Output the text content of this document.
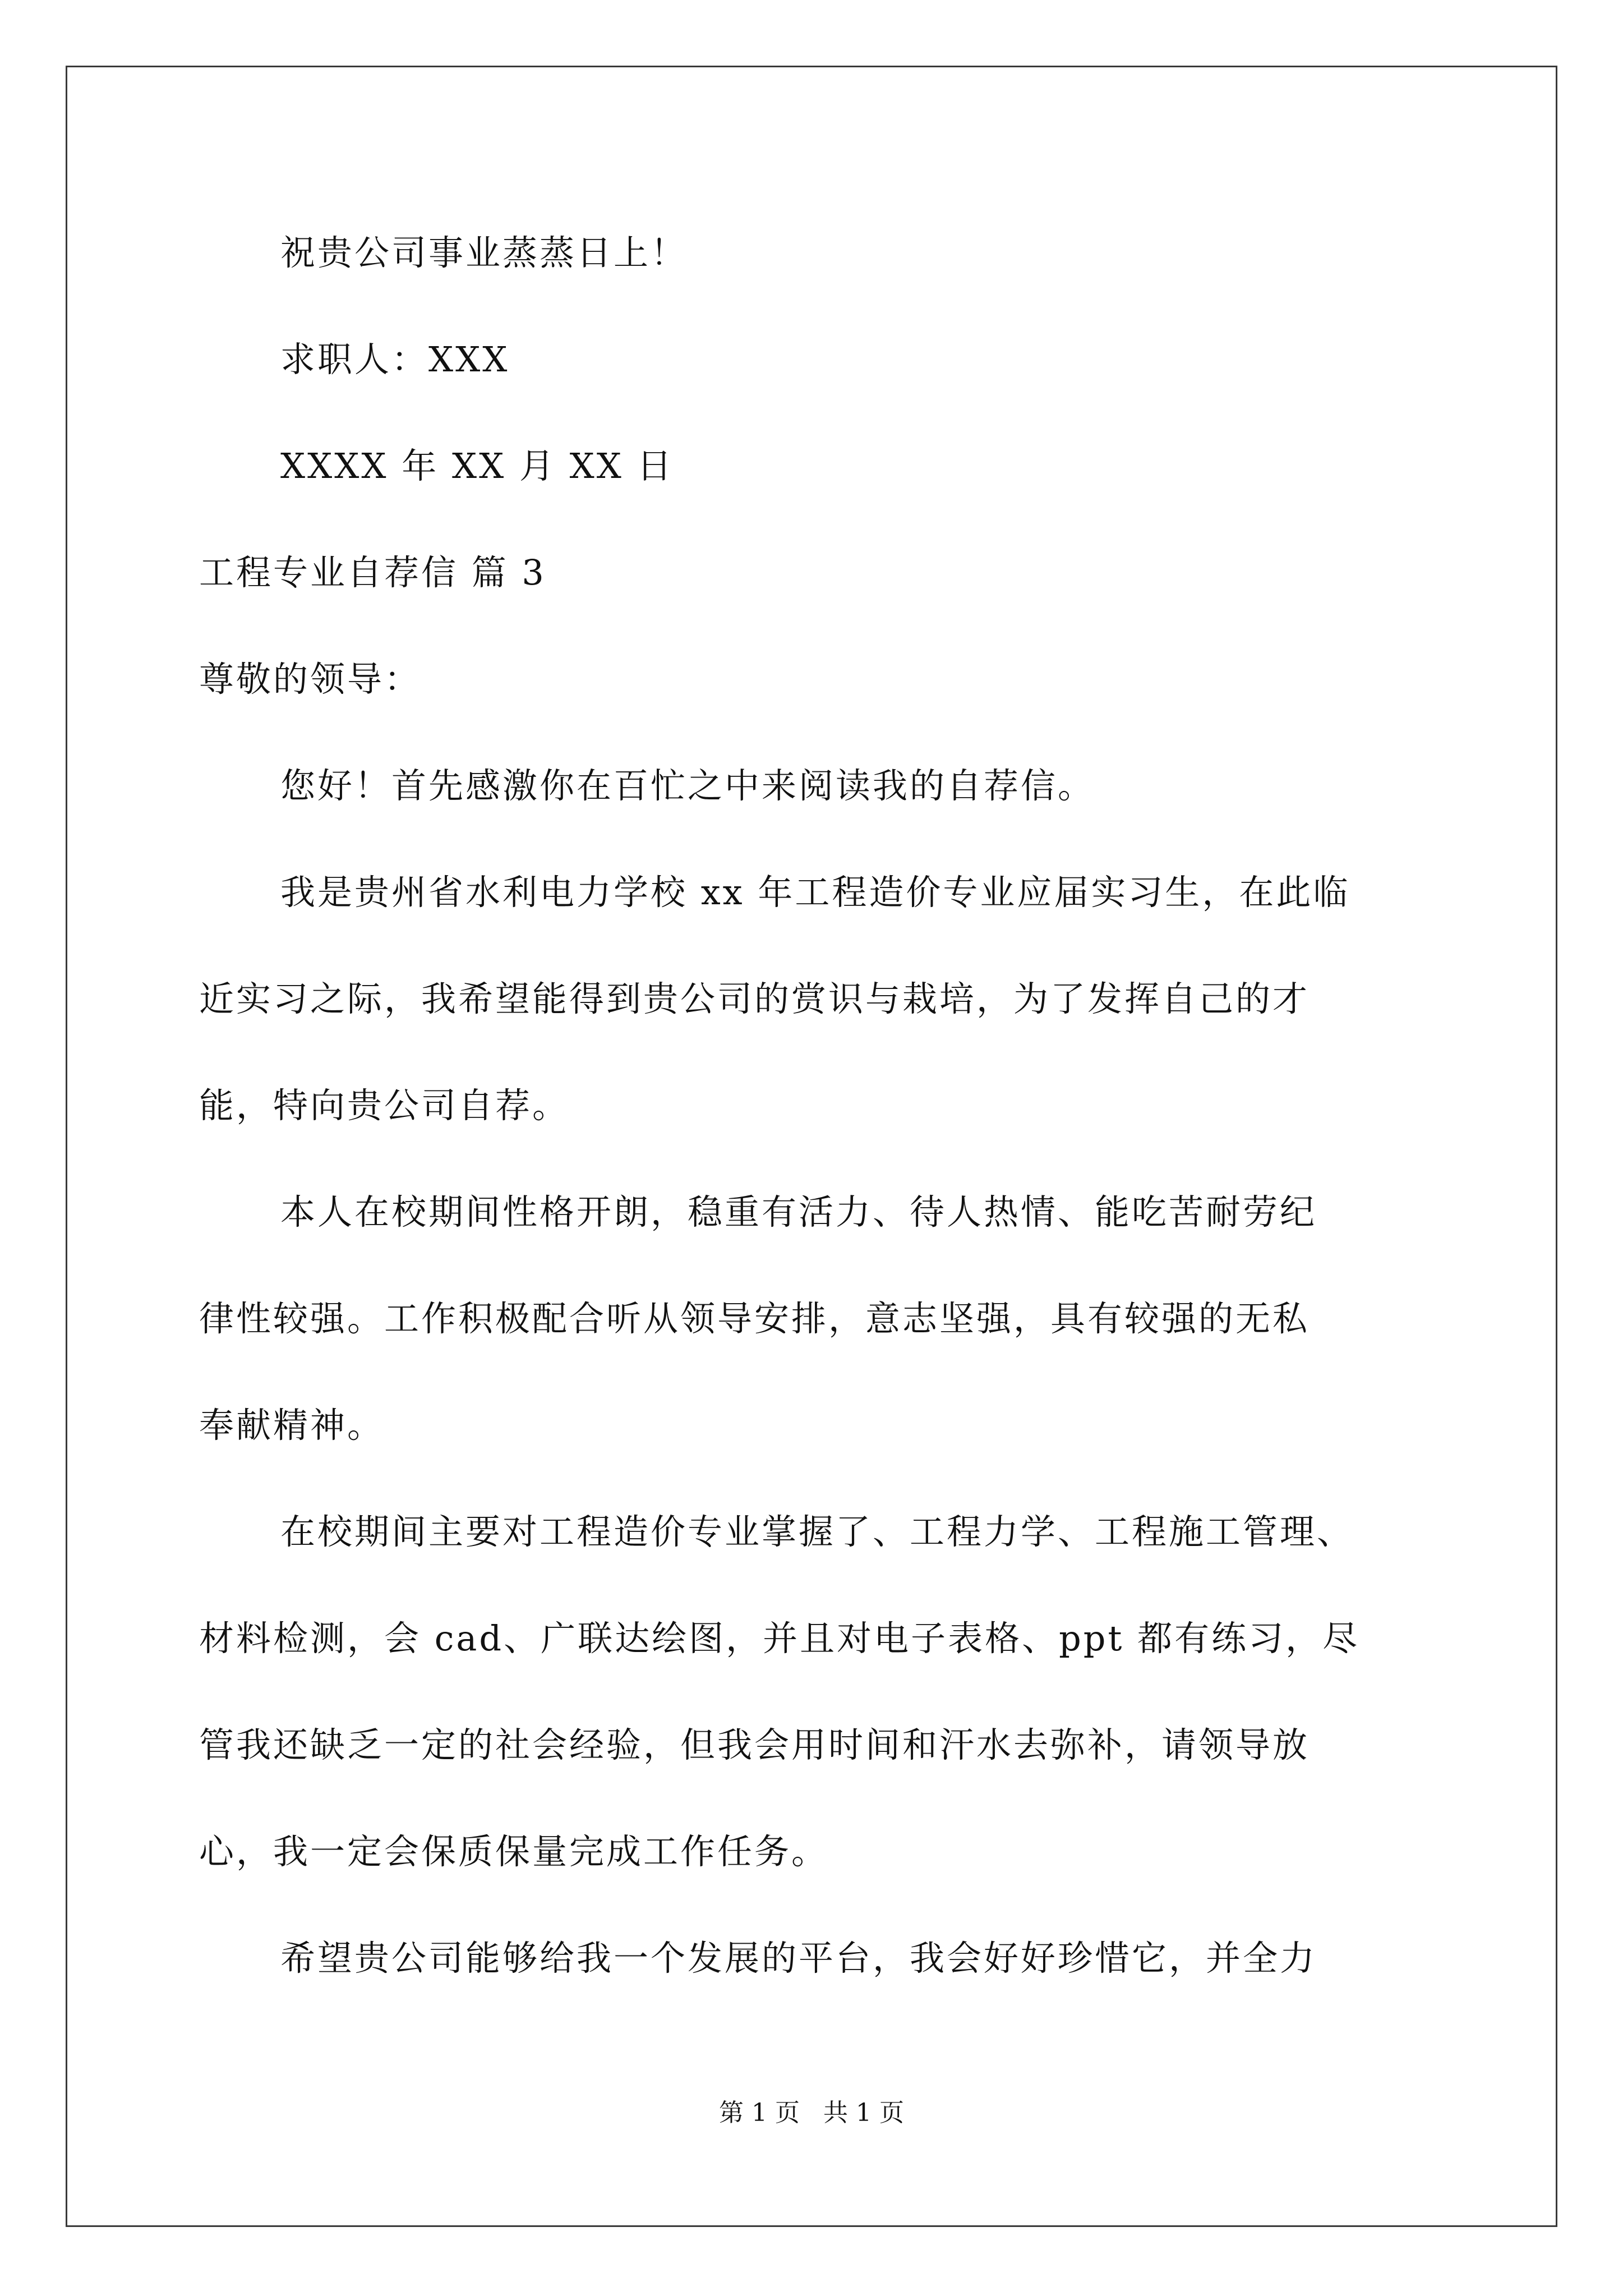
祝贵公司事业蒸蒸日上！
求职人：XXX
XXXX 年 XX 月 XX 日
工程专业自荐信 篇 3
尊敬的领导：
您好！首先感激你在百忙之中来阅读我的自荐信。
我是贵州省水利电力学校 xx 年工程造价专业应届实习生，在此临
近实习之际，我希望能得到贵公司的赏识与栽培，为了发挥自己的才
能，特向贵公司自荐。
本人在校期间性格开朗，稳重有活力、待人热情、能吃苦耐劳纪
律性较强。工作积极配合听从领导安排，意志坚强，具有较强的无私
奉献精神。
在校期间主要对工程造价专业掌握了、工程力学、工程施工管理、
材料检测，会 cad、广联达绘图，并且对电子表格、ppt 都有练习，尽
管我还缺乏一定的社会经验，但我会用时间和汗水去弥补，请领导放
心，我一定会保质保量完成工作任务。
希望贵公司能够给我一个发展的平台，我会好好珍惜它，并全力
第 1 页 共 1 页
